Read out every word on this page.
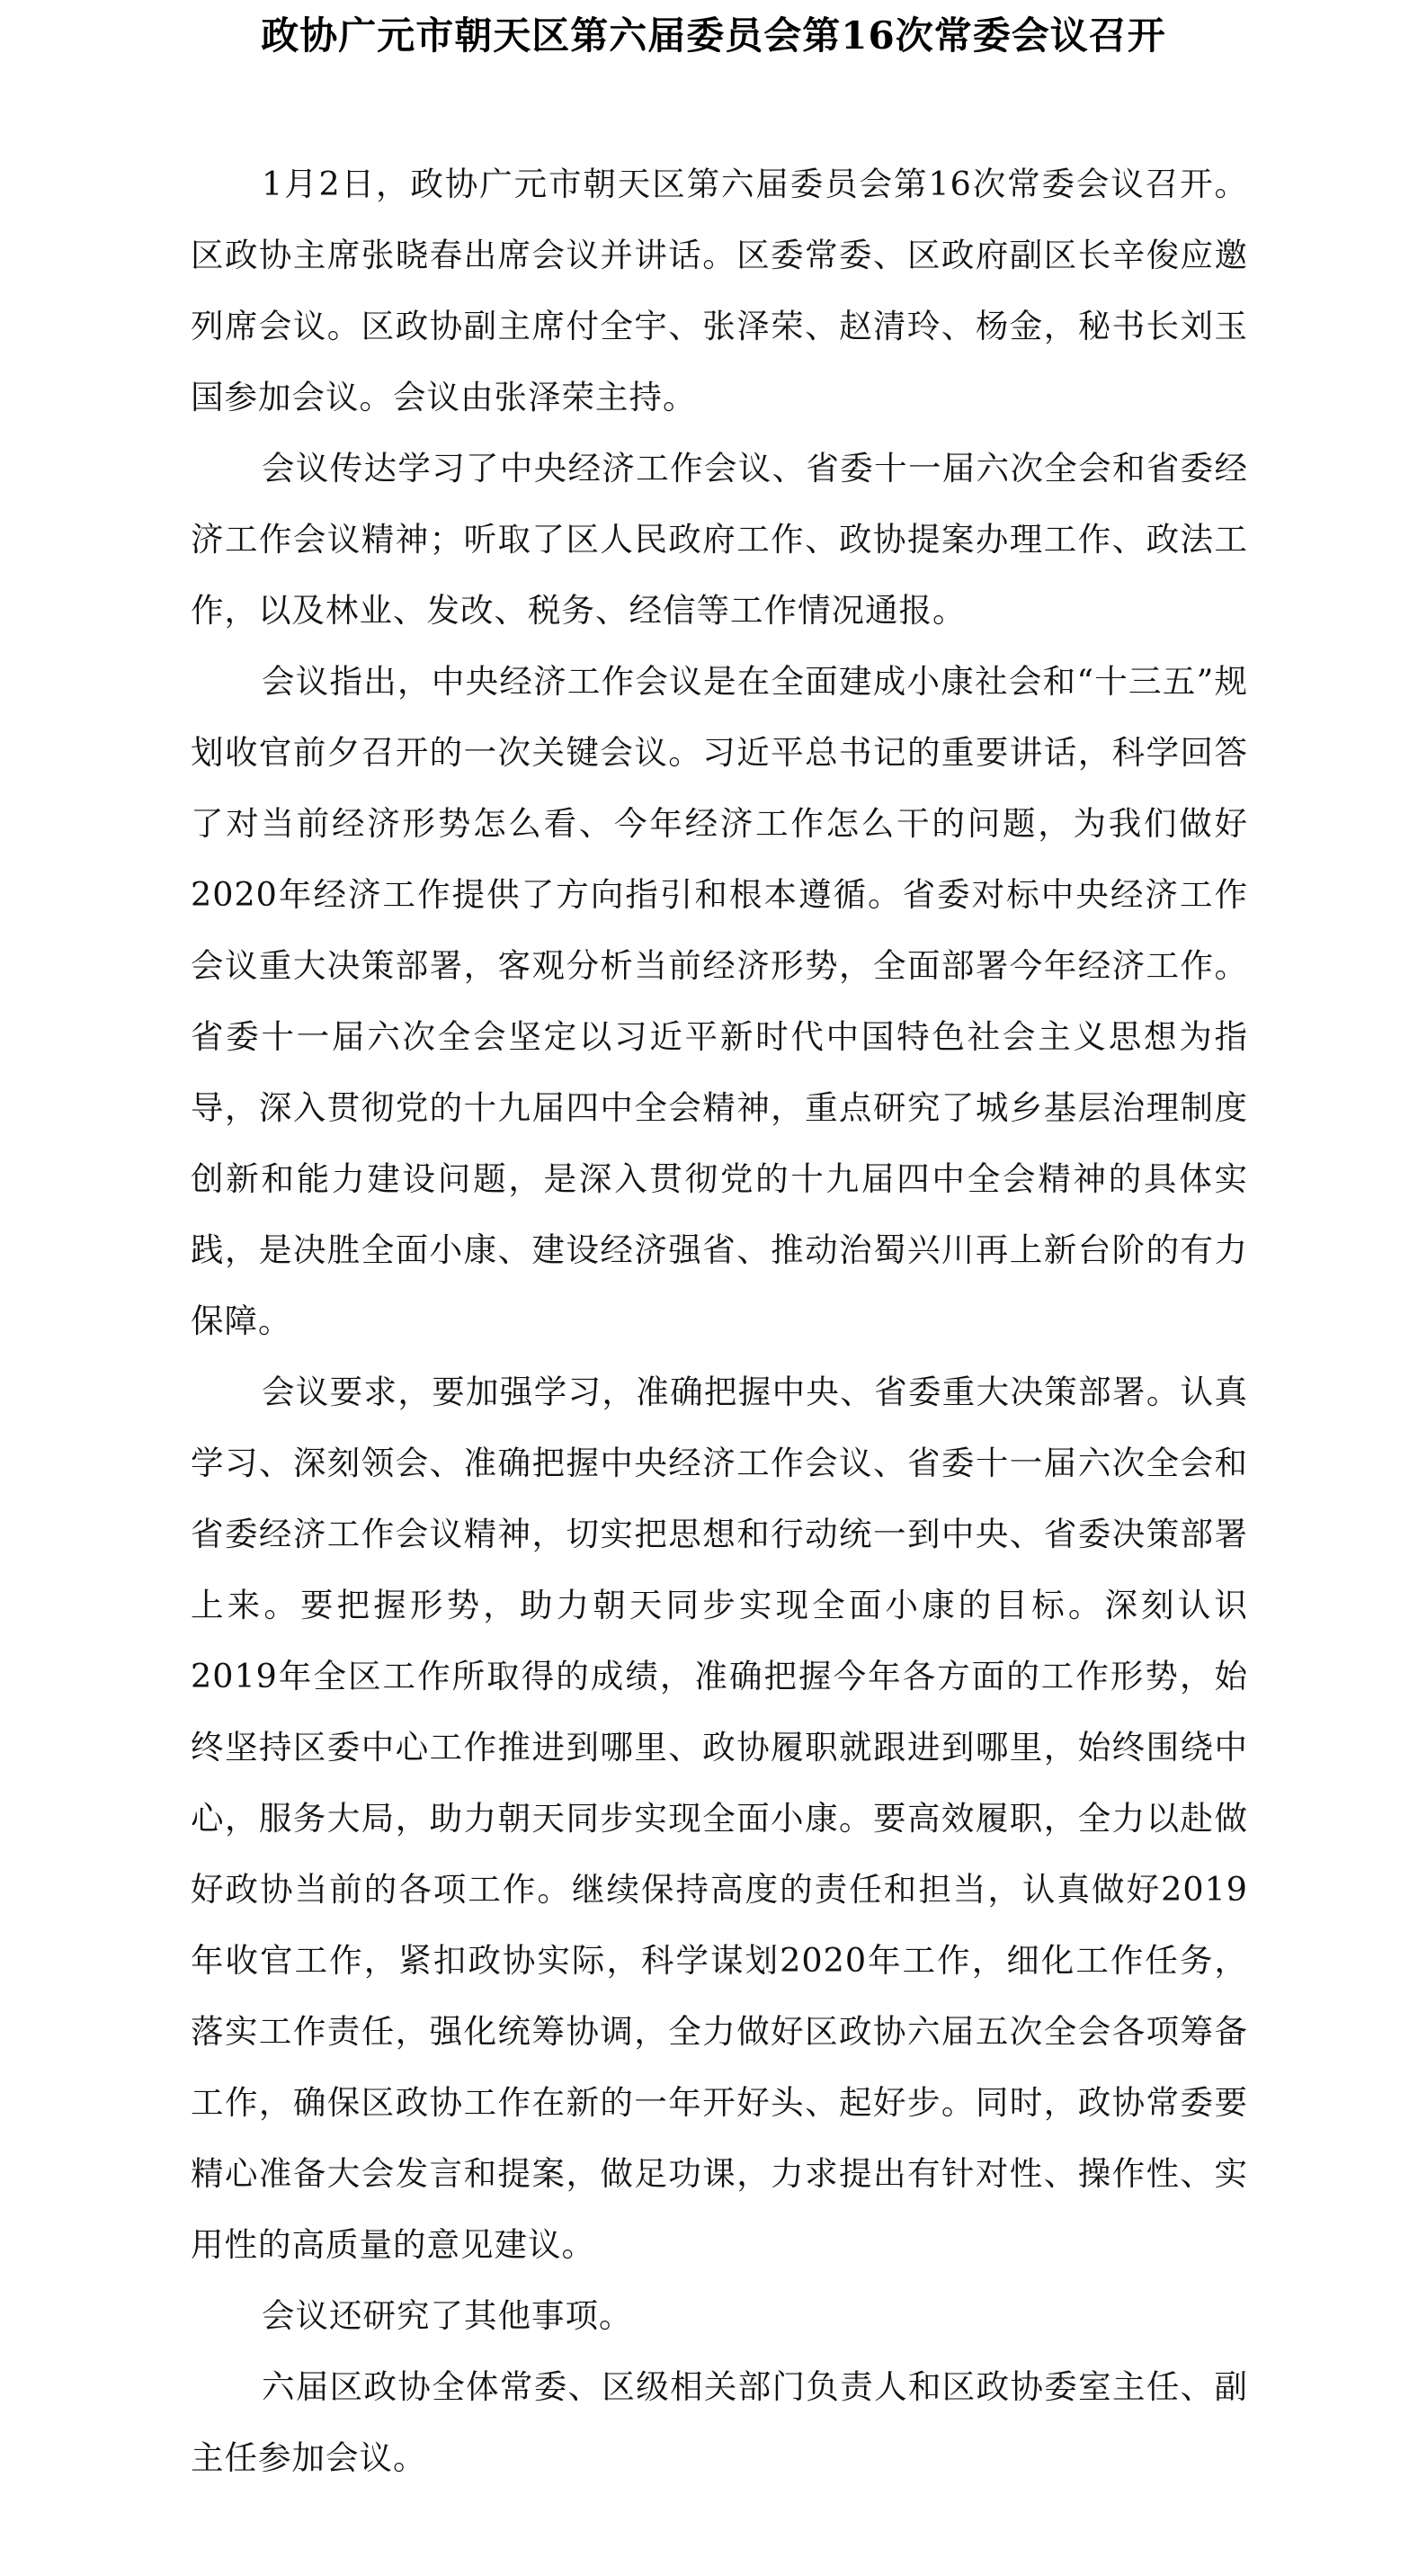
政协广元市朝天区第六届委员会第16次常委会议召开

1月2日，政协广元市朝天区第六届委员会第16次常委会议召开。区政协主席张晓春出席会议并讲话。区委常委、区政府副区长辛俊应邀列席会议。区政协副主席付全宇、张泽荣、赵清玲、杨金，秘书长刘玉国参加会议。会议由张泽荣主持。

会议传达学习了中央经济工作会议、省委十一届六次全会和省委经济工作会议精神；听取了区人民政府工作、政协提案办理工作、政法工作，以及林业、发改、税务、经信等工作情况通报。

会议指出，中央经济工作会议是在全面建成小康社会和“十三五”规划收官前夕召开的一次关键会议。习近平总书记的重要讲话，科学回答了对当前经济形势怎么看、今年经济工作怎么干的问题，为我们做好2020年经济工作提供了方向指引和根本遵循。省委对标中央经济工作会议重大决策部署，客观分析当前经济形势，全面部署今年经济工作。省委十一届六次全会坚定以习近平新时代中国特色社会主义思想为指导，深入贯彻党的十九届四中全会精神，重点研究了城乡基层治理制度创新和能力建设问题，是深入贯彻党的十九届四中全会精神的具体实践，是决胜全面小康、建设经济强省、推动治蜀兴川再上新台阶的有力保障。

会议要求，要加强学习，准确把握中央、省委重大决策部署。认真学习、深刻领会、准确把握中央经济工作会议、省委十一届六次全会和省委经济工作会议精神，切实把思想和行动统一到中央、省委决策部署上来。要把握形势，助力朝天同步实现全面小康的目标。深刻认识2019年全区工作所取得的成绩，准确把握今年各方面的工作形势，始终坚持区委中心工作推进到哪里、政协履职就跟进到哪里，始终围绕中心，服务大局，助力朝天同步实现全面小康。要高效履职，全力以赴做好政协当前的各项工作。继续保持高度的责任和担当，认真做好2019年收官工作，紧扣政协实际，科学谋划2020年工作，细化工作任务，落实工作责任，强化统筹协调，全力做好区政协六届五次全会各项筹备工作，确保区政协工作在新的一年开好头、起好步。同时，政协常委要精心准备大会发言和提案，做足功课，力求提出有针对性、操作性、实用性的高质量的意见建议。

会议还研究了其他事项。

六届区政协全体常委、区级相关部门负责人和区政协委室主任、副主任参加会议。
